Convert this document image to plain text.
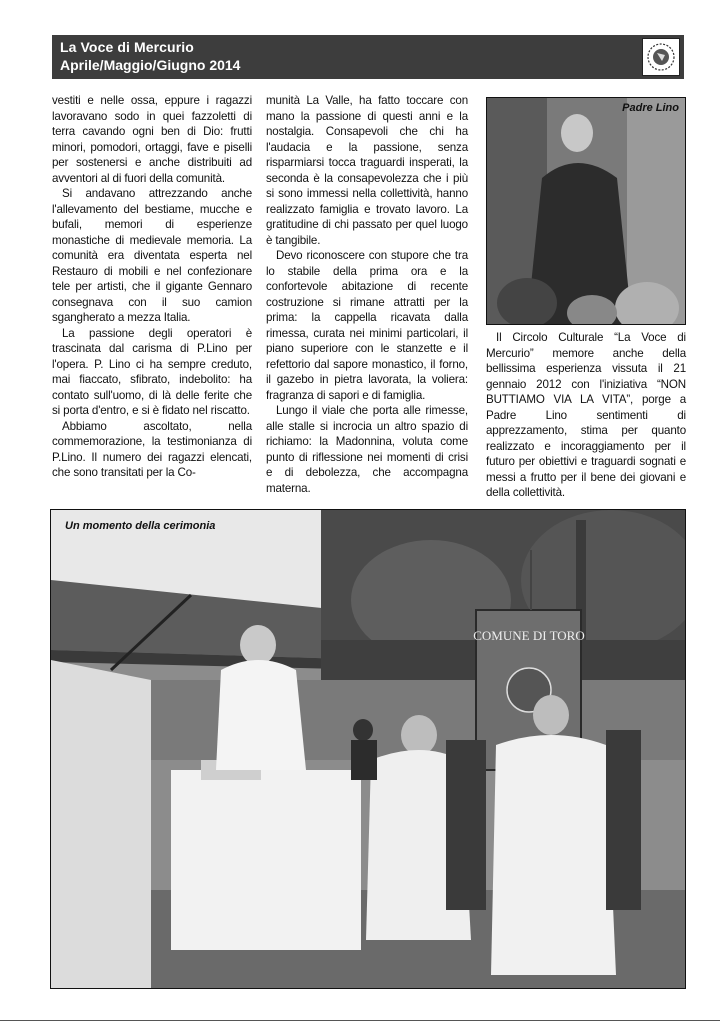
La Voce di Mercurio
Aprile/Maggio/Giugno 2014

vestiti e nelle ossa, eppure i ragazzi lavoravano sodo in quei fazzoletti di terra cavando ogni ben di Dio: frutti minori, pomodori, ortaggi, fave e piselli per sostenersi e anche distribuiti ad avventori al di fuori della comunità.

Si andavano attrezzando anche l'allevamento del bestiame, mucche e bufali, memori di esperienze monastiche di medievale memoria. La comunità era diventata esperta nel Restauro di mobili e nel confezionare tele per artisti, che il gigante Gennaro consegnava con il suo camion sgangherato a mezza Italia.

La passione degli operatori è trascinata dal carisma di P.Lino per l'opera. P. Lino ci ha sempre creduto, mai fiaccato, sfibrato, indebolito: ha contato sull'uomo, di là delle ferite che si porta d'entro, e si è fidato nel riscatto.

Abbiamo ascoltato, nella commemorazione, la testimonianza di P.Lino. Il numero dei ragazzi elencati, che sono transitati per la Co-

munità La Valle, ha fatto toccare con mano la passione di questi anni e la nostalgia. Consapevoli che chi ha l'audacia e la passione, senza risparmiarsi tocca traguardi insperati, la seconda è la consapevolezza che i più si sono immessi nella collettività, hanno realizzato famiglia e trovato lavoro. La gratitudine di chi passato per quel luogo è tangibile.

Devo riconoscere con stupore che tra lo stabile della prima ora e la confortevole abitazione di recente costruzione si rimane attratti per la prima: la cappella ricavata dalla rimessa, curata nei minimi particolari, il piano superiore con le stanzette e il refettorio dal sapore monastico, il forno, il gazebo in pietra lavorata, la voliera: fragranza di sapori e di famiglia.

Lungo il viale che porta alle rimesse, alle stalle si incrocia un altro spazio di richiamo: la Madonnina, voluta come punto di riflessione nei momenti di crisi e di debolezza, che accompagna materna.

Padre Lino

Il Circolo Culturale “La Voce di Mercurio” memore anche della bellissima esperienza vissuta il 21 gennaio 2012 con l'iniziativa “NON BUTTIAMO VIA LA VITA”, porge a Padre Lino sentimenti di apprezzamento, stima per quanto realizzato e incoraggiamento per il futuro per obiettivi e traguardi sognati e messi a frutto per il bene dei giovani e della collettività.

COMUNE DI TORO
Un momento della cerimonia
